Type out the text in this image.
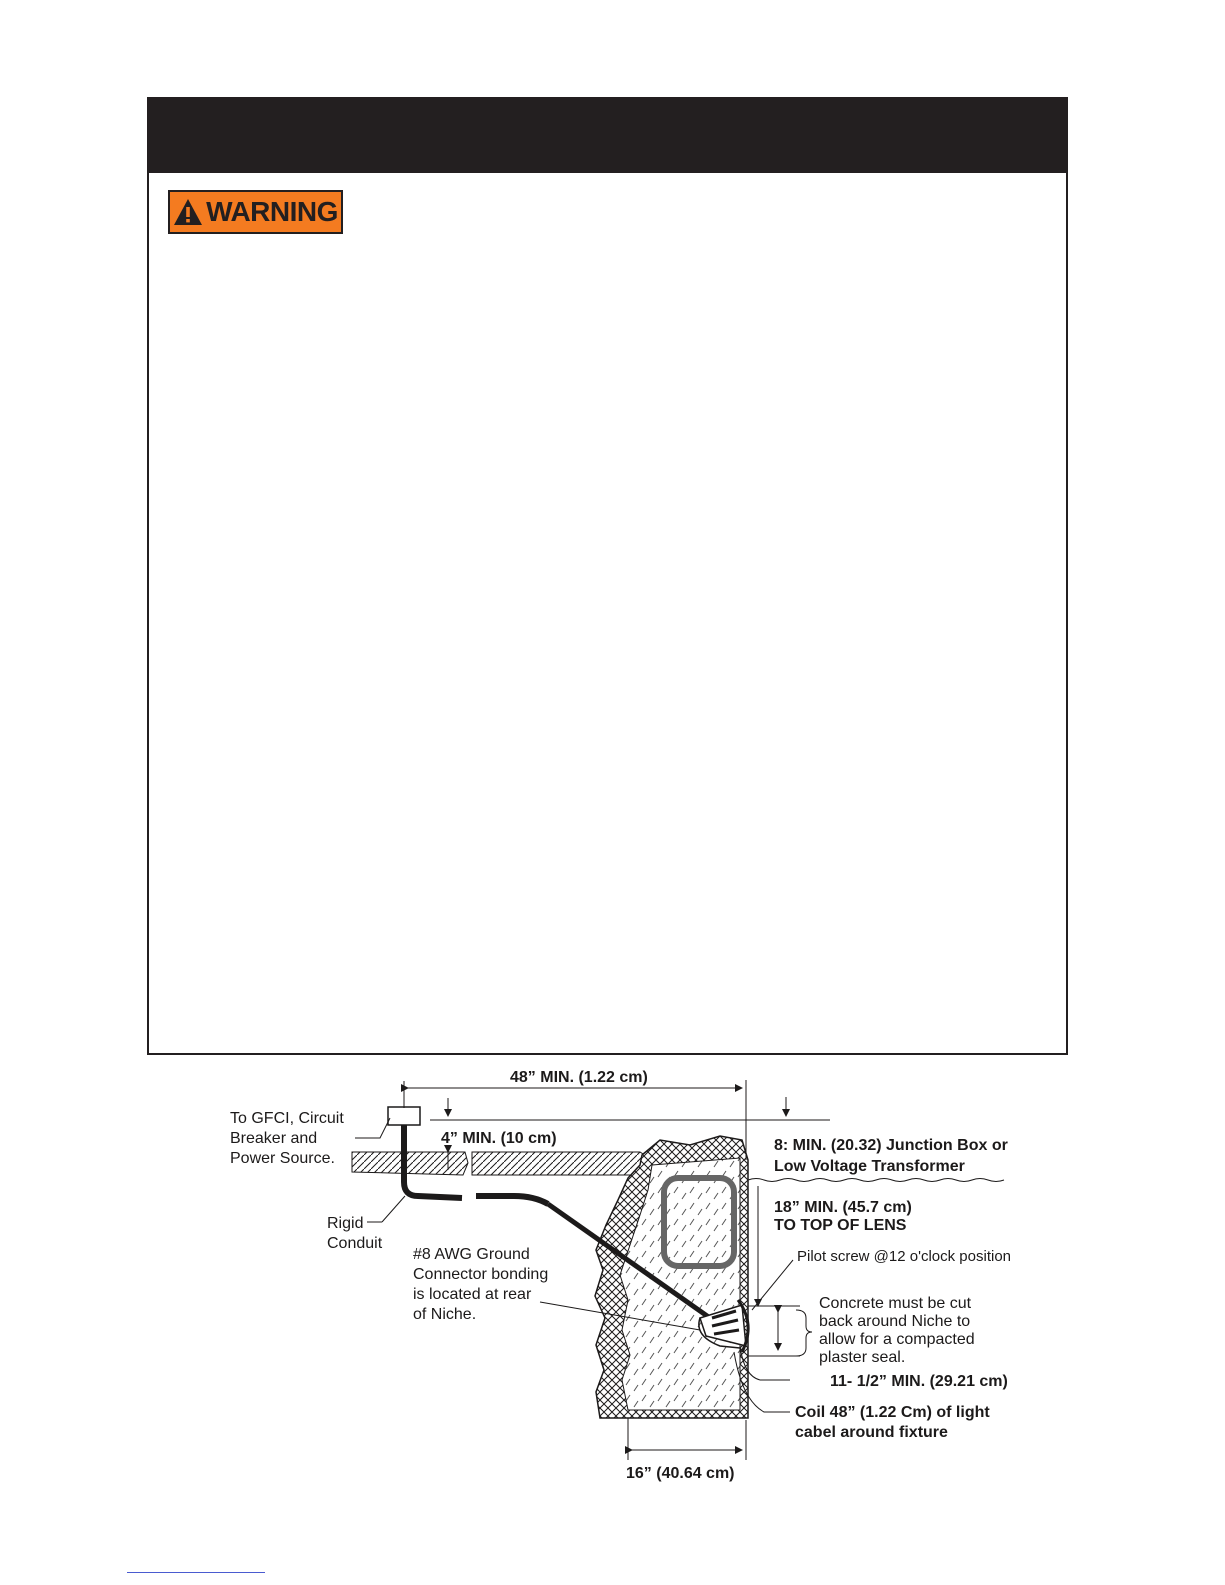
WARNING
48” MIN. (1.22 cm)
4” MIN. (10 cm)	8: MIN. (20.32) Junction Box or
Low Voltage Transformer
18” MIN. (45.7 cm)
TO TOP OF LENS
To GFCI, Circuit
Breaker and
Power Source.
Rigid
Conduit
#8 AWG Ground
Connector bonding
is located at rear
of Niche.
Pilot screw @12 o'clock position
Concrete must be cut
back around Niche to
allow for a compacted
plaster seal.
11- 1/2” MIN. (29.21 cm)
Coil 48” (1.22 Cm) of light
cabel around fixture
16” (40.64 cm)
